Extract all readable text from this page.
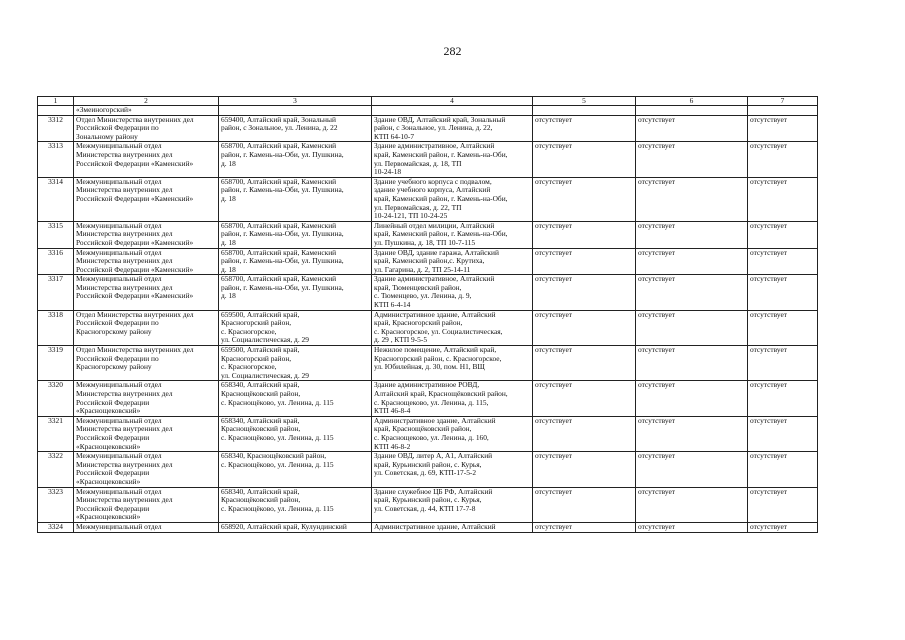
282
1	2	3	4	5	6	7
	«Змеиногорский»					

3312	Отдел Министерства внутренних дел
Российской Федерации по
Зональному району	659400, Алтайский край, Зональный
район, с Зональное, ул. Ленина, д. 22	Здание ОВД, Алтайский край, Зональный
район, с Зональное, ул. Ленина, д. 22,
КТП 64-10-7	отсутствует	отсутствует	отсутствует

3313	Межмуниципальный отдел
Министерства внутренних дел
Российской Федерации «Каменский»	658700, Алтайский край, Каменский
район, г. Камень-на-Оби, ул. Пушкина,
д. 18	Здание административное, Алтайский
край, Каменский район, г. Камень-на-Оби,
ул. Первомайская, д. 18, ТП
10-24-18	отсутствует	отсутствует	отсутствует

3314	Межмуниципальный отдел
Министерства внутренних дел
Российской Федерации «Каменский»	658700, Алтайский край, Каменский
район, г. Камень-на-Оби, ул. Пушкина,
д. 18	Здание учебного корпуса с подвалом,
здание учебного корпуса, Алтайский
край, Каменский район, г. Камень-на-Оби,
ул. Первомайская, д. 22, ТП
10-24-121, ТП 10-24-25	отсутствует	отсутствует	отсутствует

3315	Межмуниципальный отдел
Министерства внутренних дел
Российской Федерации «Каменский»	658700, Алтайский край, Каменский
район, г. Камень-на-Оби, ул. Пушкина,
д. 18	Линейный отдел милиции, Алтайский
край, Каменский район, г. Камень-на-Оби,
ул. Пушкина, д. 18, ТП 10-7-115	отсутствует	отсутствует	отсутствует

3316	Межмуниципальный отдел
Министерства внутренних дел
Российской Федерации «Каменский»	658700, Алтайский край, Каменский
район, г. Камень-на-Оби, ул. Пушкина,
д. 18	Здание ОВД, здание гаража, Алтайский
край, Каменский район,с. Крутиха,
ул. Гагарина, д. 2, ТП 25-14-11	отсутствует	отсутствует	отсутствует

3317	Межмуниципальный отдел
Министерства внутренних дел
Российской Федерации «Каменский»	658700, Алтайский край, Каменский
район, г. Камень-на-Оби, ул. Пушкина,
д. 18	Здание административное, Алтайский
край, Тюменцевский район,
с. Тюменцево, ул. Ленина, д. 9,
КТП 6-4-14	отсутствует	отсутствует	отсутствует

3318	Отдел Министерства внутренних дел
Российской Федерации по
Красногорскому району	659500, Алтайский край,
Красногорский район,
с. Красногорское,
ул. Социалистическая, д. 29	Административное здание, Алтайский
край, Красногорский район,
с. Красногорское, ул. Социалистическая,
д. 29 , КТП 9-5-5	отсутствует	отсутствует	отсутствует

3319	Отдел Министерства внутренних дел
Российской Федерации по
Красногорскому району	659500, Алтайский край,
Красногорский район,
с. Красногорское,
ул. Социалистическая, д. 29	Нежилое помещение, Алтайский край,
Красногорский район, с. Красногорское,
ул. Юбилейная, д. 30, пом. Н1, ВЩ	отсутствует	отсутствует	отсутствует

3320	Межмуниципальный отдел
Министерства внутренних дел
Российской Федерации
«Краснощековский»	658340, Алтайский край,
Краснощёковский район,
с. Краснощёково, ул. Ленина, д. 115	Здание административное РОВД,
Алтайский край, Краснощёковский район,
с. Краснощеково, ул. Ленина, д. 115,
КТП 46-8-4	отсутствует	отсутствует	отсутствует

3321	Межмуниципальный отдел
Министерства внутренних дел
Российской Федерации
«Краснощековский»	658340, Алтайский край,
Краснощёковский район,
с. Краснощёково, ул. Ленина, д. 115	Административное здание, Алтайский
край, Краснощёковский район,
с. Краснощеково, ул. Ленина, д. 160,
КТП 46-8-2	отсутствует	отсутствует	отсутствует

3322	Межмуниципальный отдел
Министерства внутренних дел
Российской Федерации
«Краснощековский»	658340, Краснощёковский район,
с. Краснощёково, ул. Ленина, д. 115	Здание ОВД, литер А, А1, Алтайский
край, Курьинский район, с. Курья,
ул. Советская, д. 69, КТП-17-5-2	отсутствует	отсутствует	отсутствует

3323	Межмуниципальный отдел
Министерства внутренних дел
Российской Федерации
«Краснощековский»	658340, Алтайский край,
Краснощёковский район,
с. Краснощёково, ул. Ленина, д. 115	Здание служебное ЦБ РФ, Алтайский
край, Курьинский район, с. Курья,
ул. Советская, д. 44, КТП 17-7-8	отсутствует	отсутствует	отсутствует

3324	Межмуниципальный отдел	658920, Алтайский край, Кулундинский	Административное здание, Алтайский	отсутствует	отсутствует	отсутствует
